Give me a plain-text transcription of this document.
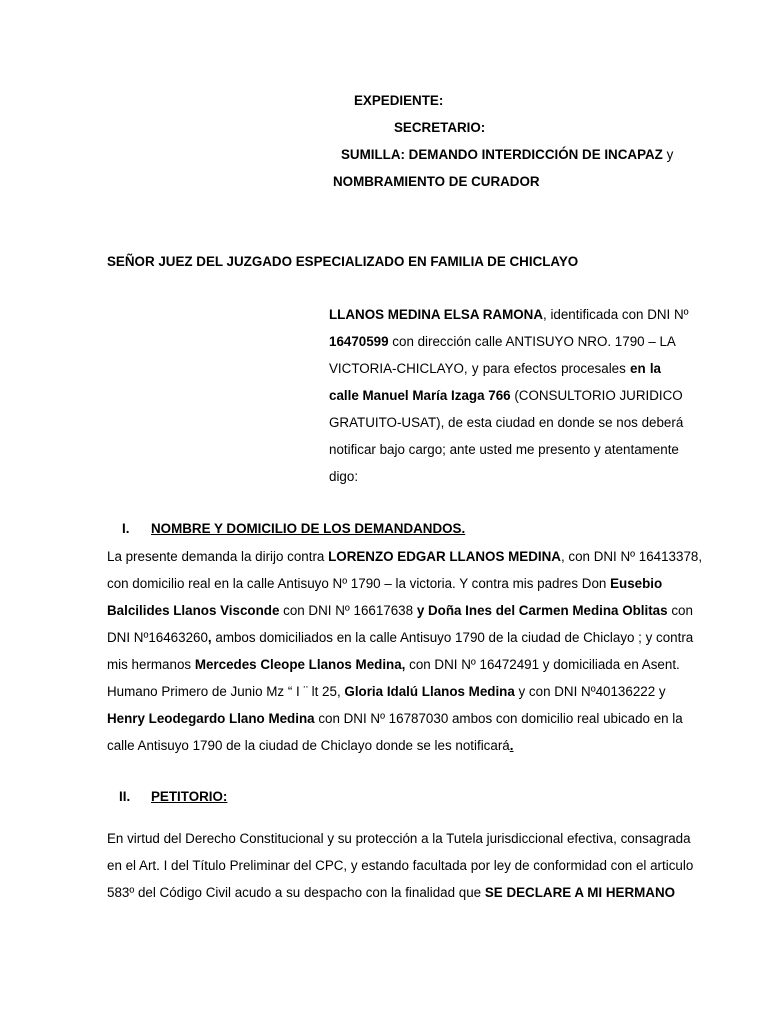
EXPEDIENTE:
SECRETARIO:
SUMILLA: DEMANDO INTERDICCIÓN DE INCAPAZ y
NOMBRAMIENTO DE CURADOR
SEÑOR JUEZ DEL JUZGADO ESPECIALIZADO EN FAMILIA DE CHICLAYO
LLANOS MEDINA ELSA RAMONA, identificada con DNI Nº
16470599 con dirección calle ANTISUYO NRO. 1790 – LA
VICTORIA-CHICLAYO, y para efectos procesales en la
calle Manuel María Izaga 766 (CONSULTORIO JURIDICO
GRATUITO-USAT), de esta ciudad en donde se nos deberá
notificar bajo cargo; ante usted me presento y atentamente
digo:
I. NOMBRE Y DOMICILIO DE LOS DEMANDANDOS.
La presente demanda la dirijo contra LORENZO EDGAR LLANOS MEDINA, con DNI Nº 16413378,
con domicilio real en la calle Antisuyo Nº 1790 – la victoria. Y contra mis padres Don Eusebio
Balcilides Llanos Visconde con DNI Nº 16617638 y Doña Ines del Carmen Medina Oblitas con
DNI Nº16463260, ambos domiciliados en la calle Antisuyo 1790 de la ciudad de Chiclayo ; y contra
mis hermanos Mercedes Cleope Llanos Medina, con DNI Nº 16472491 y domiciliada en Asent.
Humano Primero de Junio Mz “ I ¨ lt 25, Gloria Idalú Llanos Medina y con DNI Nº40136222 y
Henry Leodegardo Llano Medina con DNI Nº 16787030 ambos con domicilio real ubicado en la
calle Antisuyo 1790 de la ciudad de Chiclayo donde se les notificará.
II. PETITORIO:
En virtud del Derecho Constitucional y su protección a la Tutela jurisdiccional efectiva, consagrada
en el Art. I del Título Preliminar del CPC, y estando facultada por ley de conformidad con el articulo
583º del Código Civil acudo a su despacho con la finalidad que SE DECLARE A MI HERMANO
